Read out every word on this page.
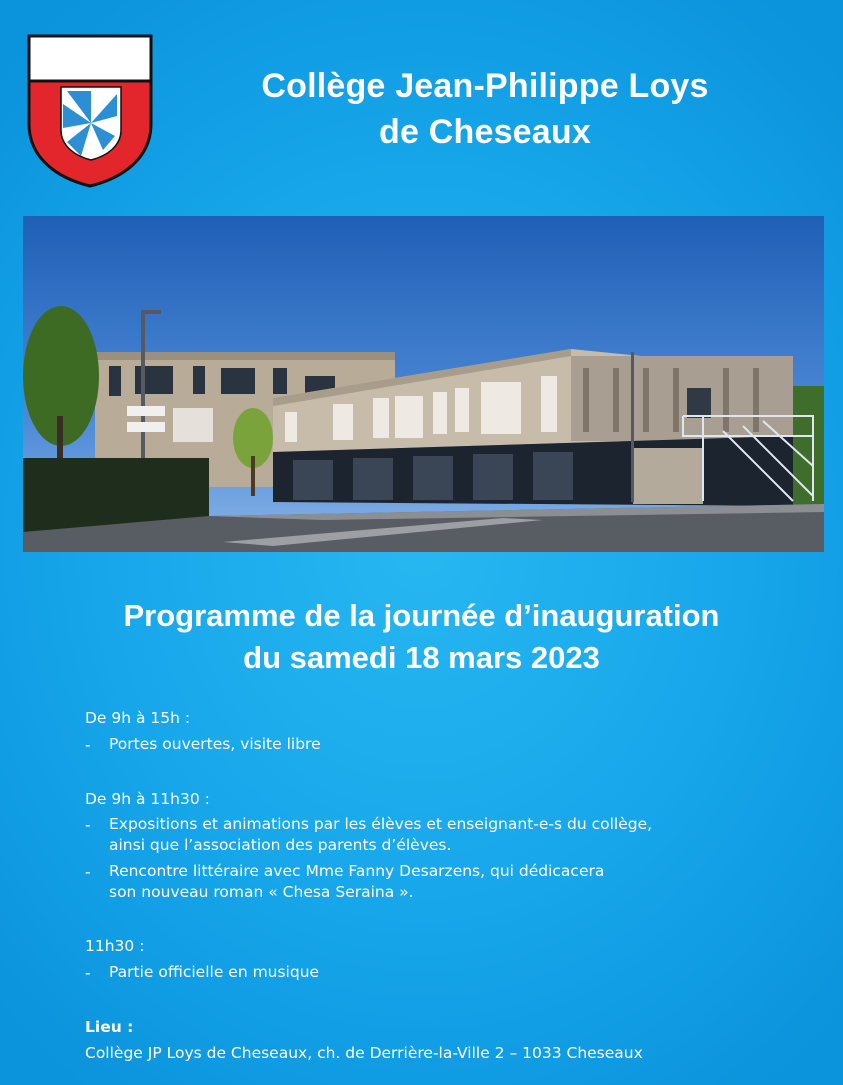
Collège Jean-Philippe Loys
de Cheseaux
Programme de la journée d’inauguration
du samedi 18 mars 2023
De 9h à 15h :
- Portes ouvertes, visite libre
De 9h à 11h30 :
- Expositions et animations par les élèves et enseignant-e-s du collège,
ainsi que l’association des parents d’élèves.
- Rencontre littéraire avec Mme Fanny Desarzens, qui dédicacera
son nouveau roman « Chesa Seraina ».
11h30 :
- Partie officielle en musique
Lieu :
Collège JP Loys de Cheseaux, ch. de Derrière-la-Ville 2 – 1033 Cheseaux
